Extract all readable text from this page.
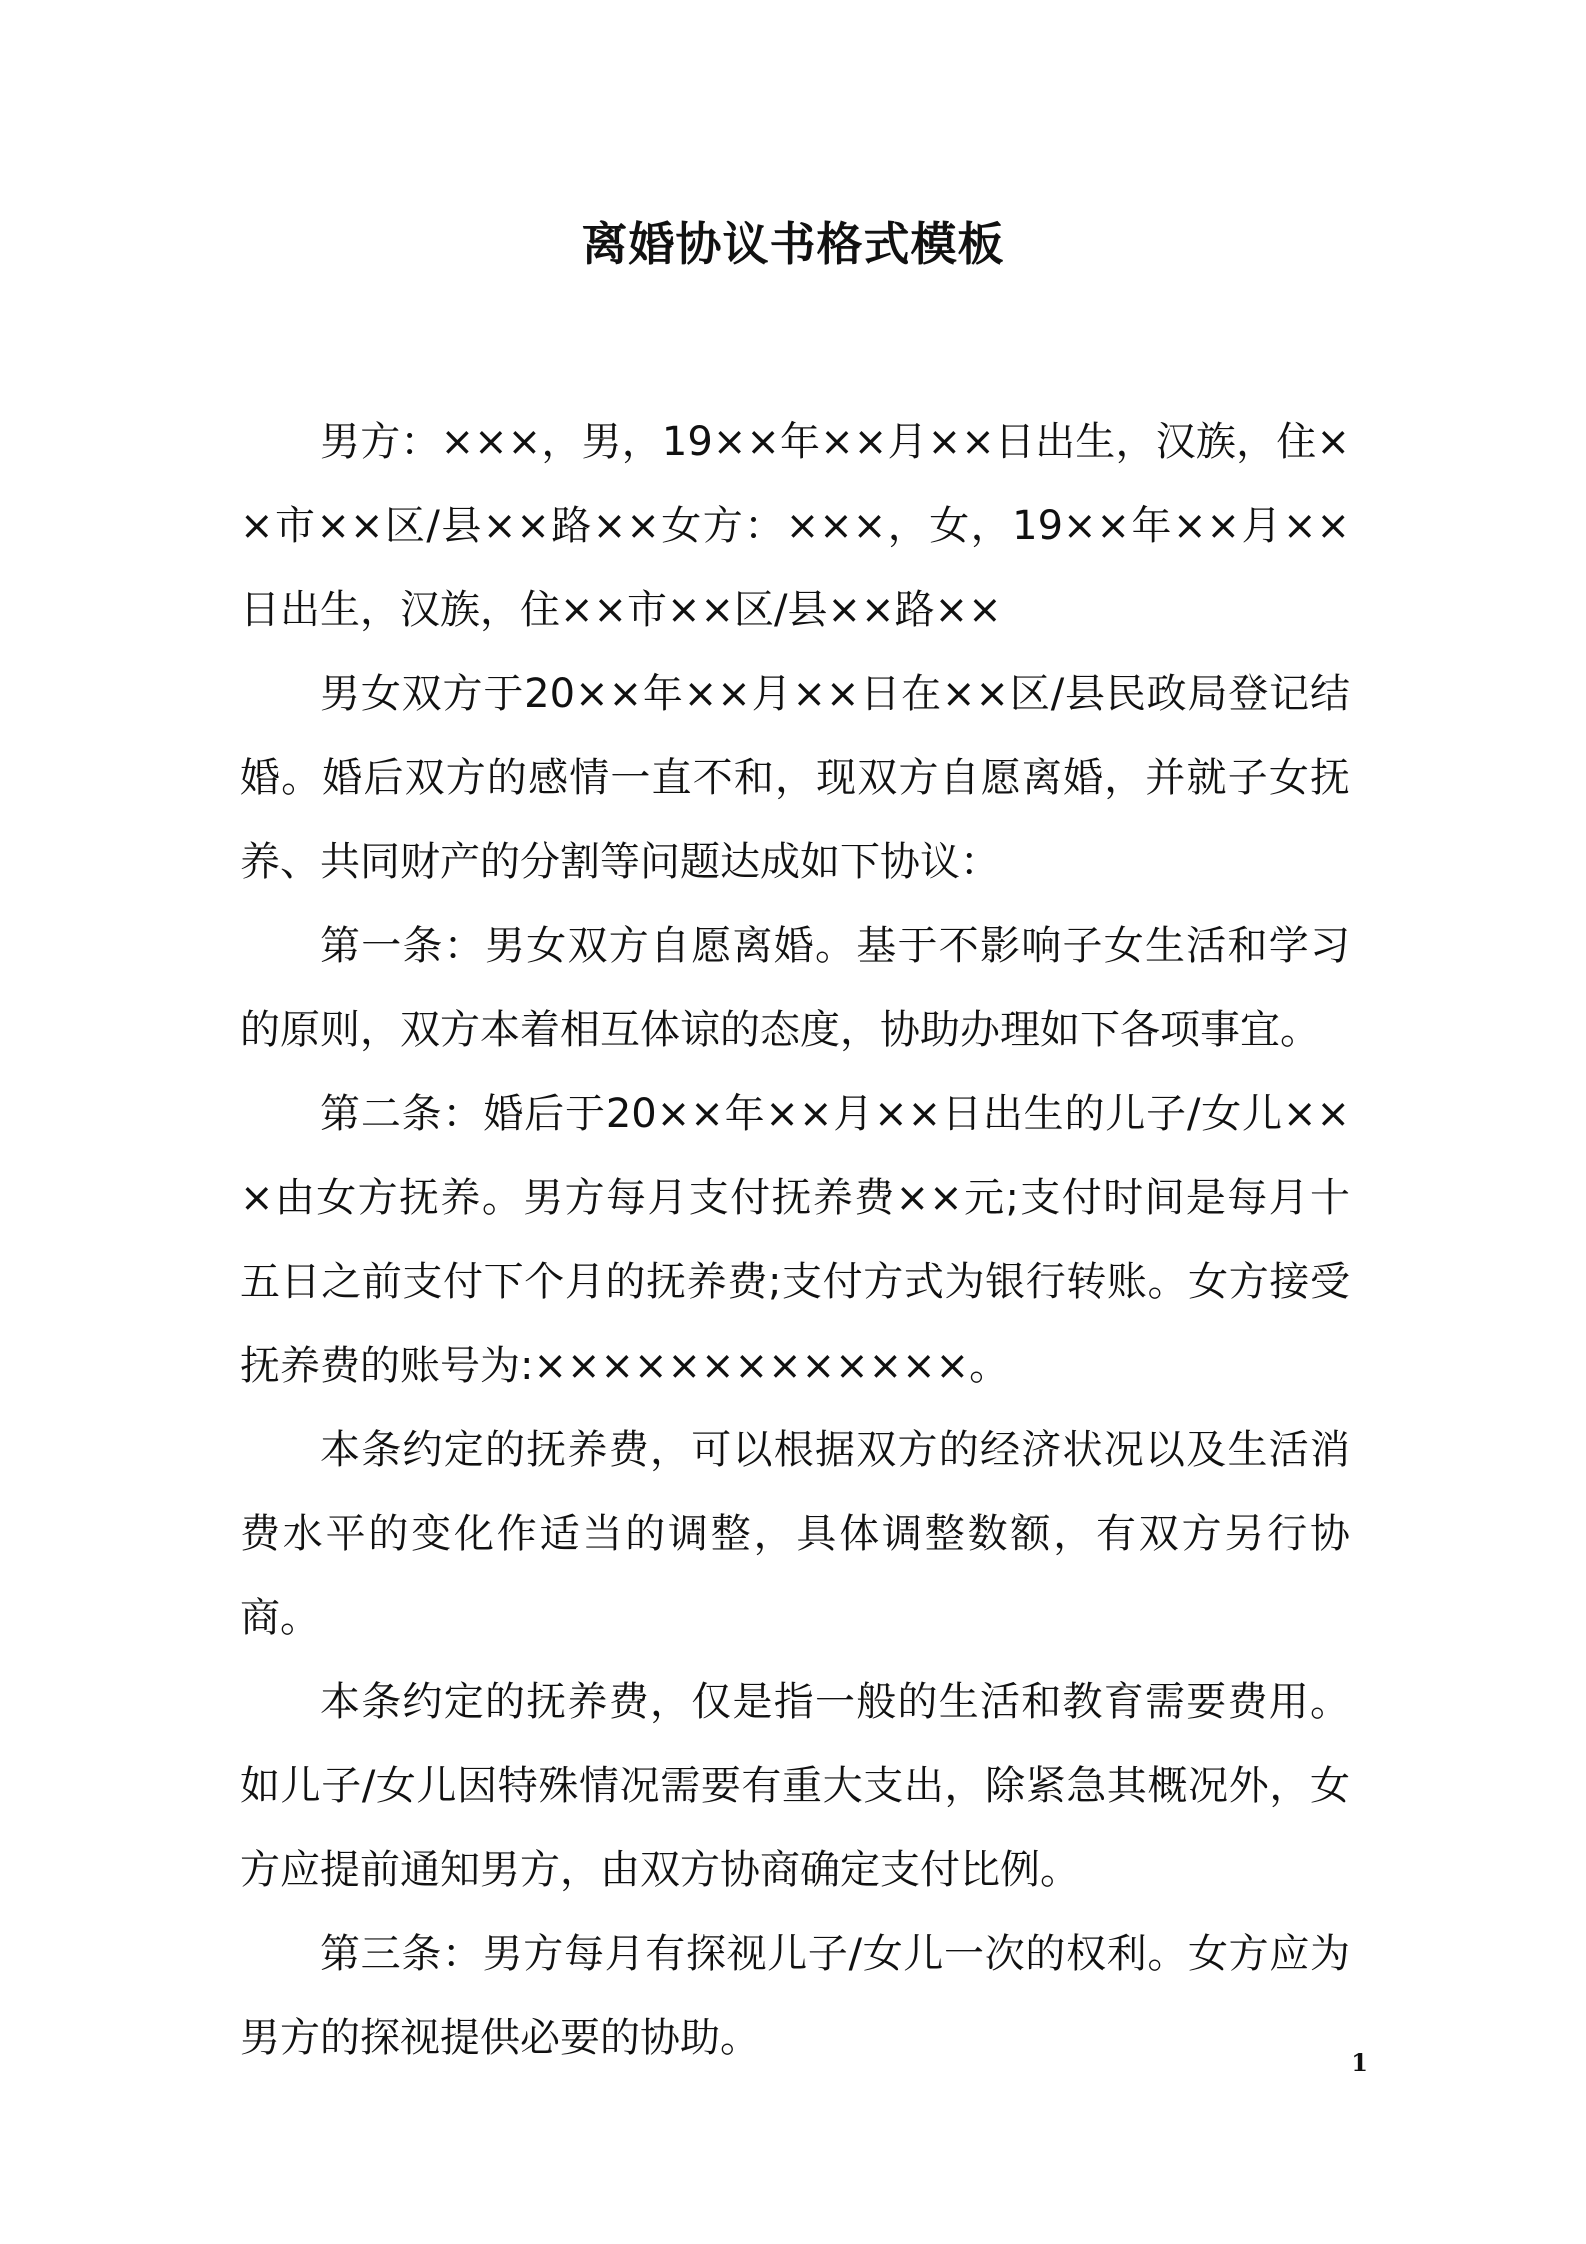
离婚协议书格式模板

男方：×××，男，19××年××月××日出生，汉族，住××市××区/县××路××女方：×××，女，19××年××月××日出生，汉族，住××市××区/县××路××

男女双方于20××年××月××日在××区/县民政局登记结婚。婚后双方的感情一直不和，现双方自愿离婚，并就子女抚养、共同财产的分割等问题达成如下协议：

第一条：男女双方自愿离婚。基于不影响子女生活和学习的原则，双方本着相互体谅的态度，协助办理如下各项事宜。

第二条：婚后于20××年××月××日出生的儿子/女儿×××由女方抚养。男方每月支付抚养费××元;支付时间是每月十五日之前支付下个月的抚养费;支付方式为银行转账。女方接受抚养费的账号为:×××××××××××××。

本条约定的抚养费，可以根据双方的经济状况以及生活消费水平的变化作适当的调整，具体调整数额，有双方另行协商。

本条约定的抚养费，仅是指一般的生活和教育需要费用。如儿子/女儿因特殊情况需要有重大支出，除紧急其概况外，女方应提前通知男方，由双方协商确定支付比例。

第三条：男方每月有探视儿子/女儿一次的权利。女方应为男方的探视提供必要的协助。

1
